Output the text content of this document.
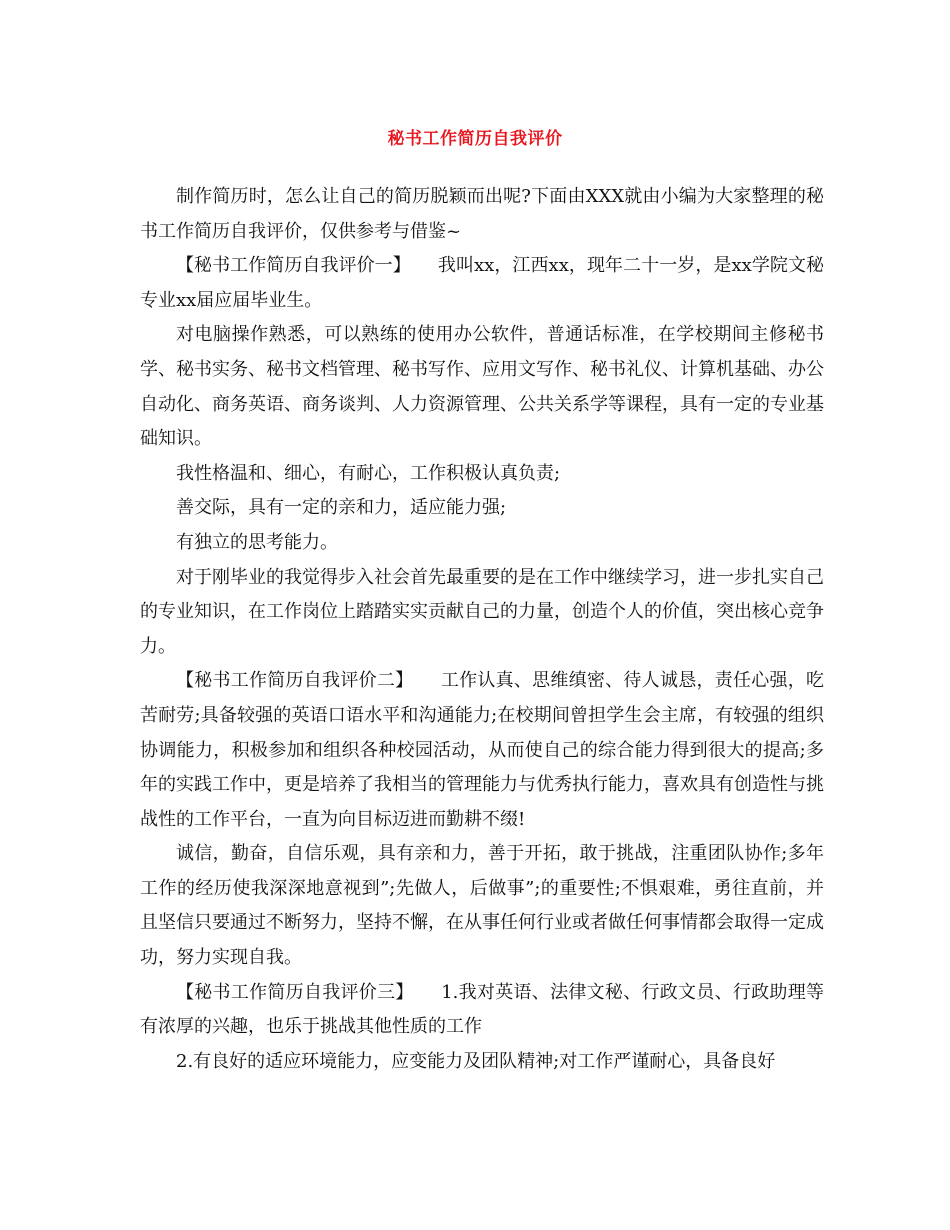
秘书工作简历自我评价

制作简历时，怎么让自己的简历脱颖而出呢?下面由XXX就由小编为大家整理的秘书工作简历自我评价，仅供参考与借鉴~

【秘书工作简历自我评价一】　　我叫xx，江西xx，现年二十一岁，是xx学院文秘专业xx届应届毕业生。

对电脑操作熟悉，可以熟练的使用办公软件，普通话标准，在学校期间主修秘书学、秘书实务、秘书文档管理、秘书写作、应用文写作、秘书礼仪、计算机基础、办公自动化、商务英语、商务谈判、人力资源管理、公共关系学等课程，具有一定的专业基础知识。

我性格温和、细心，有耐心，工作积极认真负责;

善交际，具有一定的亲和力，适应能力强;

有独立的思考能力。

对于刚毕业的我觉得步入社会首先最重要的是在工作中继续学习，进一步扎实自己的专业知识，在工作岗位上踏踏实实贡献自己的力量，创造个人的价值，突出核心竞争力。

【秘书工作简历自我评价二】　　工作认真、思维缜密、待人诚恳，责任心强，吃苦耐劳;具备较强的英语口语水平和沟通能力;在校期间曾担学生会主席，有较强的组织协调能力，积极参加和组织各种校园活动，从而使自己的综合能力得到很大的提高;多年的实践工作中，更是培养了我相当的管理能力与优秀执行能力，喜欢具有创造性与挑战性的工作平台，一直为向目标迈进而勤耕不缀!

诚信，勤奋，自信乐观，具有亲和力，善于开拓，敢于挑战，注重团队协作;多年工作的经历使我深深地意视到”;先做人，后做事”;的重要性;不惧艰难，勇往直前，并且坚信只要通过不断努力，坚持不懈，在从事任何行业或者做任何事情都会取得一定成功，努力实现自我。

【秘书工作简历自我评价三】　　1.我对英语、法律文秘、行政文员、行政助理等有浓厚的兴趣，也乐于挑战其他性质的工作

2.有良好的适应环境能力，应变能力及团队精神;对工作严谨耐心，具备良好
